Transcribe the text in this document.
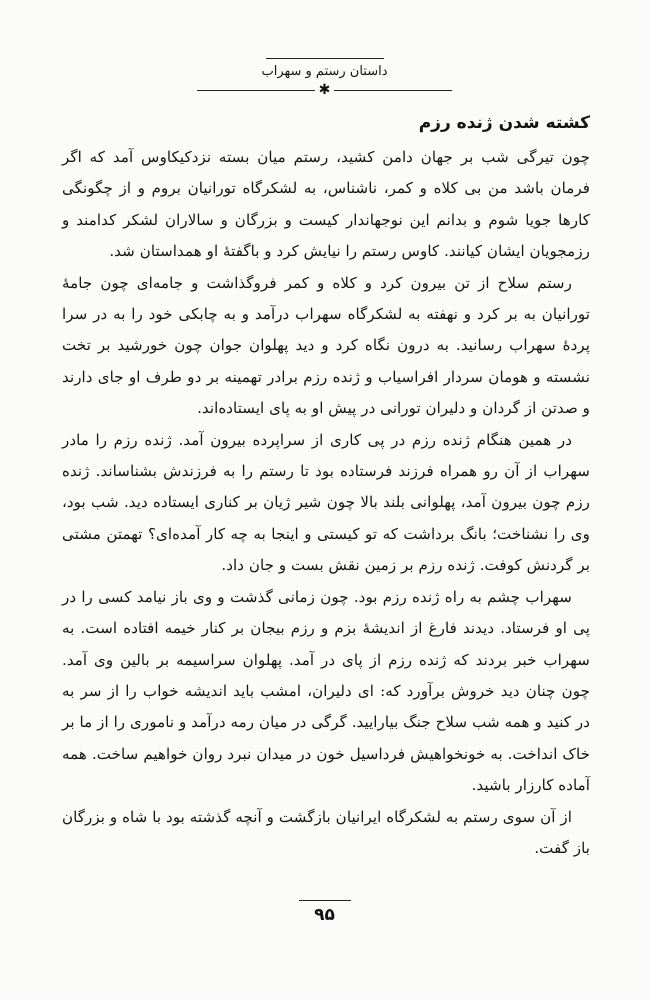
داستان رستم و سهراب
✱
کشته شدن ژنده رزم

چون تیرگی شب بر جهان دامن کشید، رستم میان بسته نزدکیکاوس آمد که اگر فرمان باشد من بی کلاه و کمر، ناشناس، به لشکرگاه تورانیان بروم و از چگونگی کارها جویا شوم و بدانم این نوجهاندار کیست و بزرگان و سالاران لشکر کدامند و رزمجویان ایشان کیانند. کاوس رستم را نیایش کرد و باگفتهٔ او همداستان شد.

رستم سلاح از تن بیرون کرد و کلاه و کمر فروگذاشت و جامه‌ای چون جامهٔ تورانیان به بر کرد و نهفته به لشکرگاه سهراب درآمد و به چابکی خود را به در سرا پردهٔ سهراب رسانید. به درون نگاه کرد و دید پهلوان جوان چون خورشید بر تخت نشسته و هومان سردار افراسیاب و ژنده رزم برادر تهمینه بر دو طرف او جای دارند و صدتن از گردان و دلیران تورانی در پیش او به پای ایستاده‌اند.

در همین هنگام ژنده رزم در پی کاری از سراپرده بیرون آمد. ژنده رزم را مادر سهراب از آن رو همراه فرزند فرستاده بود تا رستم را به فرزندش بشناساند. ژنده رزم چون بیرون آمد، پهلوانی بلند بالا چون شیر ژیان بر کناری ایستاده دید. شب بود، وی را نشناخت؛ بانگ برداشت که تو کیستی و اینجا به چه کار آمده‌ای؟ تهمتن مشتی بر گردنش کوفت. ژنده رزم بر زمین نقش بست و جان داد.

سهراب چشم به راه ژنده رزم بود. چون زمانی گذشت و وی باز نیامد کسی را در پی او فرستاد. دیدند فارغ از اندیشهٔ بزم و رزم بیجان بر کنار خیمه افتاده است. به سهراب خبر بردند که ژنده رزم از پای در آمد. پهلوان سراسیمه بر بالین وی آمد. چون چنان دید خروش برآورد که: ای دلیران، امشب باید اندیشه خواب را از سر به در کنید و همه شب سلاح جنگ بیارایید. گرگی در میان رمه درآمد و ناموری را از ما بر خاک انداخت. به خونخواهیش فرداسیل خون در میدان نبرد روان خواهیم ساخت. همه آماده کارزار باشید.

از آن سوی رستم به لشکرگاه ایرانیان بازگشت و آنچه گذشته بود با شاه و بزرگان باز گفت.

۹۵
